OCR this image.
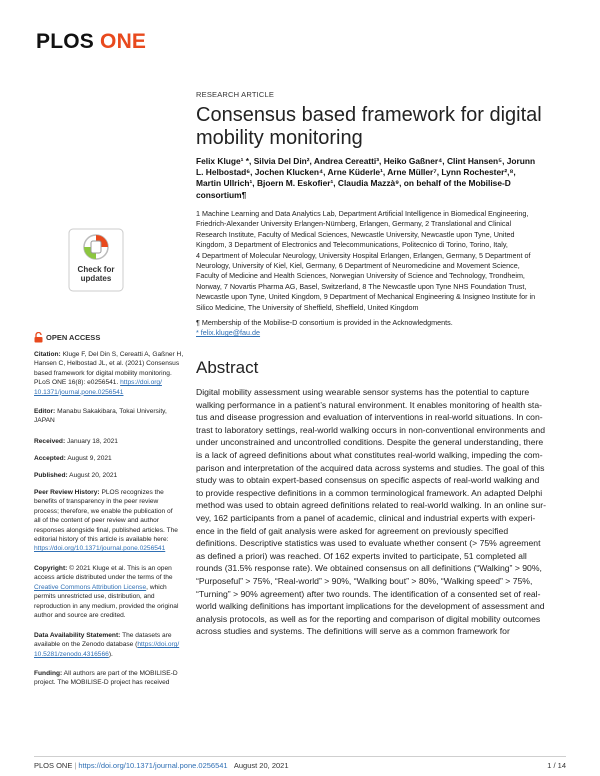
PLOS ONE
RESEARCH ARTICLE
Consensus based framework for digital mobility monitoring
Felix Kluge¹ *, Silvia Del Din², Andrea Cereatti³, Heiko Gaßner⁴, Clint Hansen⁵, Jorunn
L. Helbostad⁶, Jochen Klucken⁴, Arne Küderle¹, Arne Müller⁷, Lynn Rochester²,⁸,
Martin Ullrich¹, Bjoern M. Eskofier¹, Claudia Mazzà⁹, on behalf of the Mobilise-D
consortium¶
1 Machine Learning and Data Analytics Lab, Department Artificial Intelligence in Biomedical Engineering,
Friedrich-Alexander University Erlangen-Nürnberg, Erlangen, Germany, 2 Translational and Clinical
Research Institute, Faculty of Medical Sciences, Newcastle University, Newcastle upon Tyne, United
Kingdom, 3 Department of Electronics and Telecommunications, Politecnico di Torino, Torino, Italy,
4 Department of Molecular Neurology, University Hospital Erlangen, Erlangen, Germany, 5 Department of
Neurology, University of Kiel, Kiel, Germany, 6 Department of Neuromedicine and Movement Science,
Faculty of Medicine and Health Sciences, Norwegian University of Science and Technology, Trondheim,
Norway, 7 Novartis Pharma AG, Basel, Switzerland, 8 The Newcastle upon Tyne NHS Foundation Trust,
Newcastle upon Tyne, United Kingdom, 9 Department of Mechanical Engineering & Insigneo Institute for in
Silico Medicine, The University of Sheffield, Sheffield, United Kingdom
¶ Membership of the Mobilise-D consortium is provided in the Acknowledgments.
* felix.kluge@fau.de
Abstract
Digital mobility assessment using wearable sensor systems has the potential to capture
walking performance in a patient’s natural environment. It enables monitoring of health sta-
tus and disease progression and evaluation of interventions in real-world situations. In con-
trast to laboratory settings, real-world walking occurs in non-conventional environments and
under unconstrained and uncontrolled conditions. Despite the general understanding, there
is a lack of agreed definitions about what constitutes real-world walking, impeding the com-
parison and interpretation of the acquired data across systems and studies. The goal of this
study was to obtain expert-based consensus on specific aspects of real-world walking and
to provide respective definitions in a common terminological framework. An adapted Delphi
method was used to obtain agreed definitions related to real-world walking. In an online sur-
vey, 162 participants from a panel of academic, clinical and industrial experts with experi-
ence in the field of gait analysis were asked for agreement on previously specified
definitions. Descriptive statistics was used to evaluate whether consent (> 75% agreement
as defined a priori) was reached. Of 162 experts invited to participate, 51 completed all
rounds (31.5% response rate). We obtained consensus on all definitions (“Walking” > 90%,
“Purposeful” > 75%, “Real-world” > 90%, “Walking bout” > 80%, “Walking speed” > 75%,
“Turning” > 90% agreement) after two rounds. The identification of a consented set of real-
world walking definitions has important implications for the development of assessment and
analysis protocols, as well as for the reporting and comparison of digital mobility outcomes
across studies and systems. The definitions will serve as a common framework for
Check for
updates
OPEN ACCESS
Citation: Kluge F, Del Din S, Cereatti A, Gaßner H,
Hansen C, Helbostad JL, et al. (2021) Consensus
based framework for digital mobility monitoring.
PLoS ONE 16(8): e0256541. https://doi.org/
10.1371/journal.pone.0256541
Editor: Manabu Sakakibara, Tokai University,
JAPAN
Received: January 18, 2021
Accepted: August 9, 2021
Published: August 20, 2021
Peer Review History: PLOS recognizes the
benefits of transparency in the peer review
process; therefore, we enable the publication of
all of the content of peer review and author
responses alongside final, published articles. The
editorial history of this article is available here:
https://doi.org/10.1371/journal.pone.0256541
Copyright: © 2021 Kluge et al. This is an open
access article distributed under the terms of the
Creative Commons Attribution License, which
permits unrestricted use, distribution, and
reproduction in any medium, provided the original
author and source are credited.
Data Availability Statement: The datasets are
available on the Zenodo database (https://doi.org/
10.5281/zenodo.4316566).
Funding: All authors are part of the MOBILISE-D
project. The MOBILISE-D project has received
PLOS ONE | https://doi.org/10.1371/journal.pone.0256541 August 20, 2021	1 / 14
